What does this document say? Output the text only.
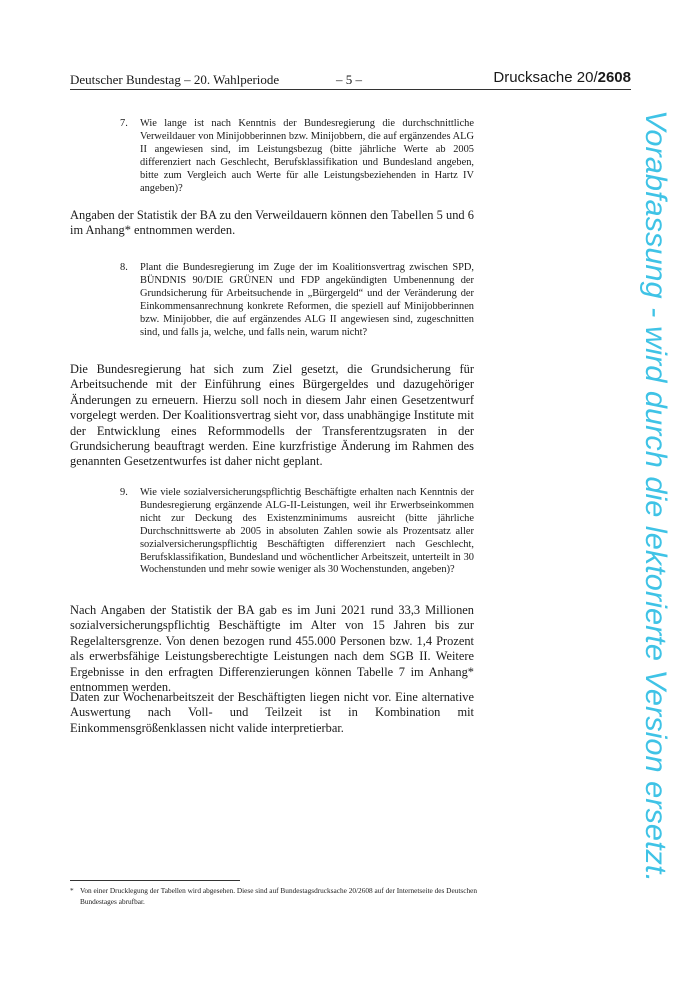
Deutscher Bundestag – 20. Wahlperiode	– 5 –	Drucksache 20/2608
7. Wie lange ist nach Kenntnis der Bundesregierung die durchschnittliche Verweildauer von Minijobberinnen bzw. Minijobbern, die auf ergänzendes ALG II angewiesen sind, im Leistungsbezug (bitte jährliche Werte ab 2005 differenziert nach Geschlecht, Berufsklassifikation und Bundesland angeben, bitte zum Vergleich auch Werte für alle Leistungsbeziehenden in Hartz IV angeben)?
Angaben der Statistik der BA zu den Verweildauern können den Tabellen 5 und 6 im Anhang* entnommen werden.
8. Plant die Bundesregierung im Zuge der im Koalitionsvertrag zwischen SPD, BÜNDNIS 90/DIE GRÜNEN und FDP angekündigten Umbenennung der Grundsicherung für Arbeitsuchende in „Bürgergeld“ und der Veränderung der Einkommensanrechnung konkrete Reformen, die speziell auf Minijobberinnen bzw. Minijobber, die auf ergänzendes ALG II angewiesen sind, zugeschnitten sind, und falls ja, welche, und falls nein, warum nicht?
Die Bundesregierung hat sich zum Ziel gesetzt, die Grundsicherung für Arbeitsuchende mit der Einführung eines Bürgergeldes und dazugehöriger Änderungen zu erneuern. Hierzu soll noch in diesem Jahr einen Gesetzentwurf vorgelegt werden. Der Koalitionsvertrag sieht vor, dass unabhängige Institute mit der Entwicklung eines Reformmodells der Transferentzugsraten in der Grundsicherung beauftragt werden. Eine kurzfristige Änderung im Rahmen des genannten Gesetzentwurfes ist daher nicht geplant.
9. Wie viele sozialversicherungspflichtig Beschäftigte erhalten nach Kenntnis der Bundesregierung ergänzende ALG-II-Leistungen, weil ihr Erwerbseinkommen nicht zur Deckung des Existenzminimums ausreicht (bitte jährliche Durchschnittswerte ab 2005 in absoluten Zahlen sowie als Prozentsatz aller sozialversicherungspflichtig Beschäftigten differenziert nach Geschlecht, Berufsklassifikation, Bundesland und wöchentlicher Arbeitszeit, unterteilt in 30 Wochenstunden und mehr sowie weniger als 30 Wochenstunden, angeben)?
Nach Angaben der Statistik der BA gab es im Juni 2021 rund 33,3 Millionen sozialversicherungspflichtig Beschäftigte im Alter von 15 Jahren bis zur Regelaltersgrenze. Von denen bezogen rund 455.000 Personen bzw. 1,4 Prozent als erwerbsfähige Leistungsberechtigte Leistungen nach dem SGB II. Weitere Ergebnisse in den erfragten Differenzierungen können Tabelle 7 im Anhang* entnommen werden.
Daten zur Wochenarbeitszeit der Beschäftigten liegen nicht vor. Eine alternative Auswertung nach Voll- und Teilzeit ist in Kombination mit Einkommensgrößenklassen nicht valide interpretierbar.
* Von einer Drucklegung der Tabellen wird abgesehen. Diese sind auf Bundestagsdrucksache 20/2608 auf der Internetseite des Deutschen Bundestages abrufbar.
Vorabfassung - wird durch die lektorierte Version ersetzt.
